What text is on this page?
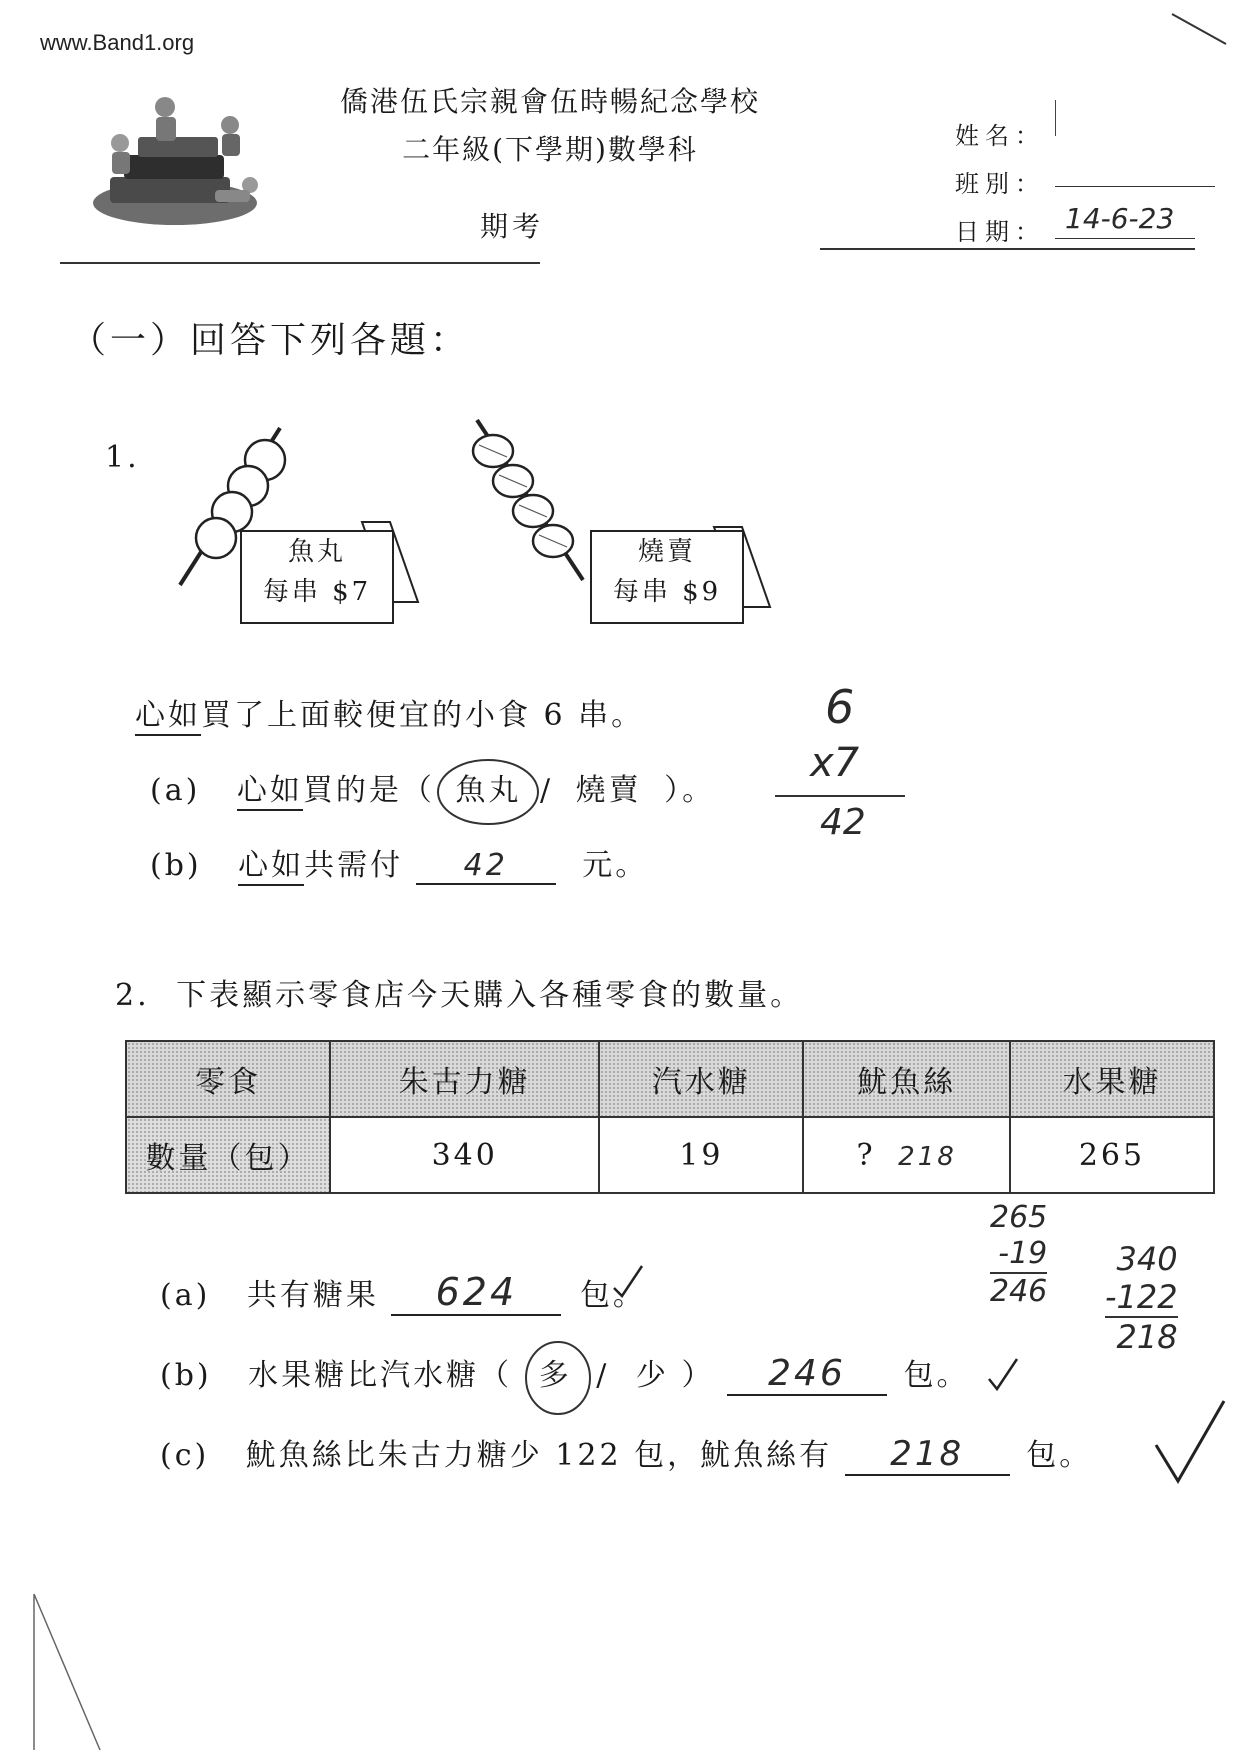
www.Band1.org
僑港伍氏宗親會伍時暢紀念學校
二年級(下學期)數學科
期考
姓名：
班別：
日期： 14-6-23
（一）回答下列各題：
1.
魚丸
每串 $7
燒賣
每串 $9
心如買了上面較便宜的小食 6 串。
(a) 心如買的是（ 魚丸 / 燒賣 ）。
(b) 心如共需付 42 元。
6
x7
42
2. 下表顯示零食店今天購入各種零食的數量。
零食	朱古力糖	汽水糖	魷魚絲	水果糖
數量（包）	340	19	? 218	265
(a) 共有糖果 624 包。
(b) 水果糖比汽水糖（ 多 / 少 ） 246 包。
(c) 魷魚絲比朱古力糖少 122 包，魷魚絲有 218 包。
265
-19
246
340
-122
218
